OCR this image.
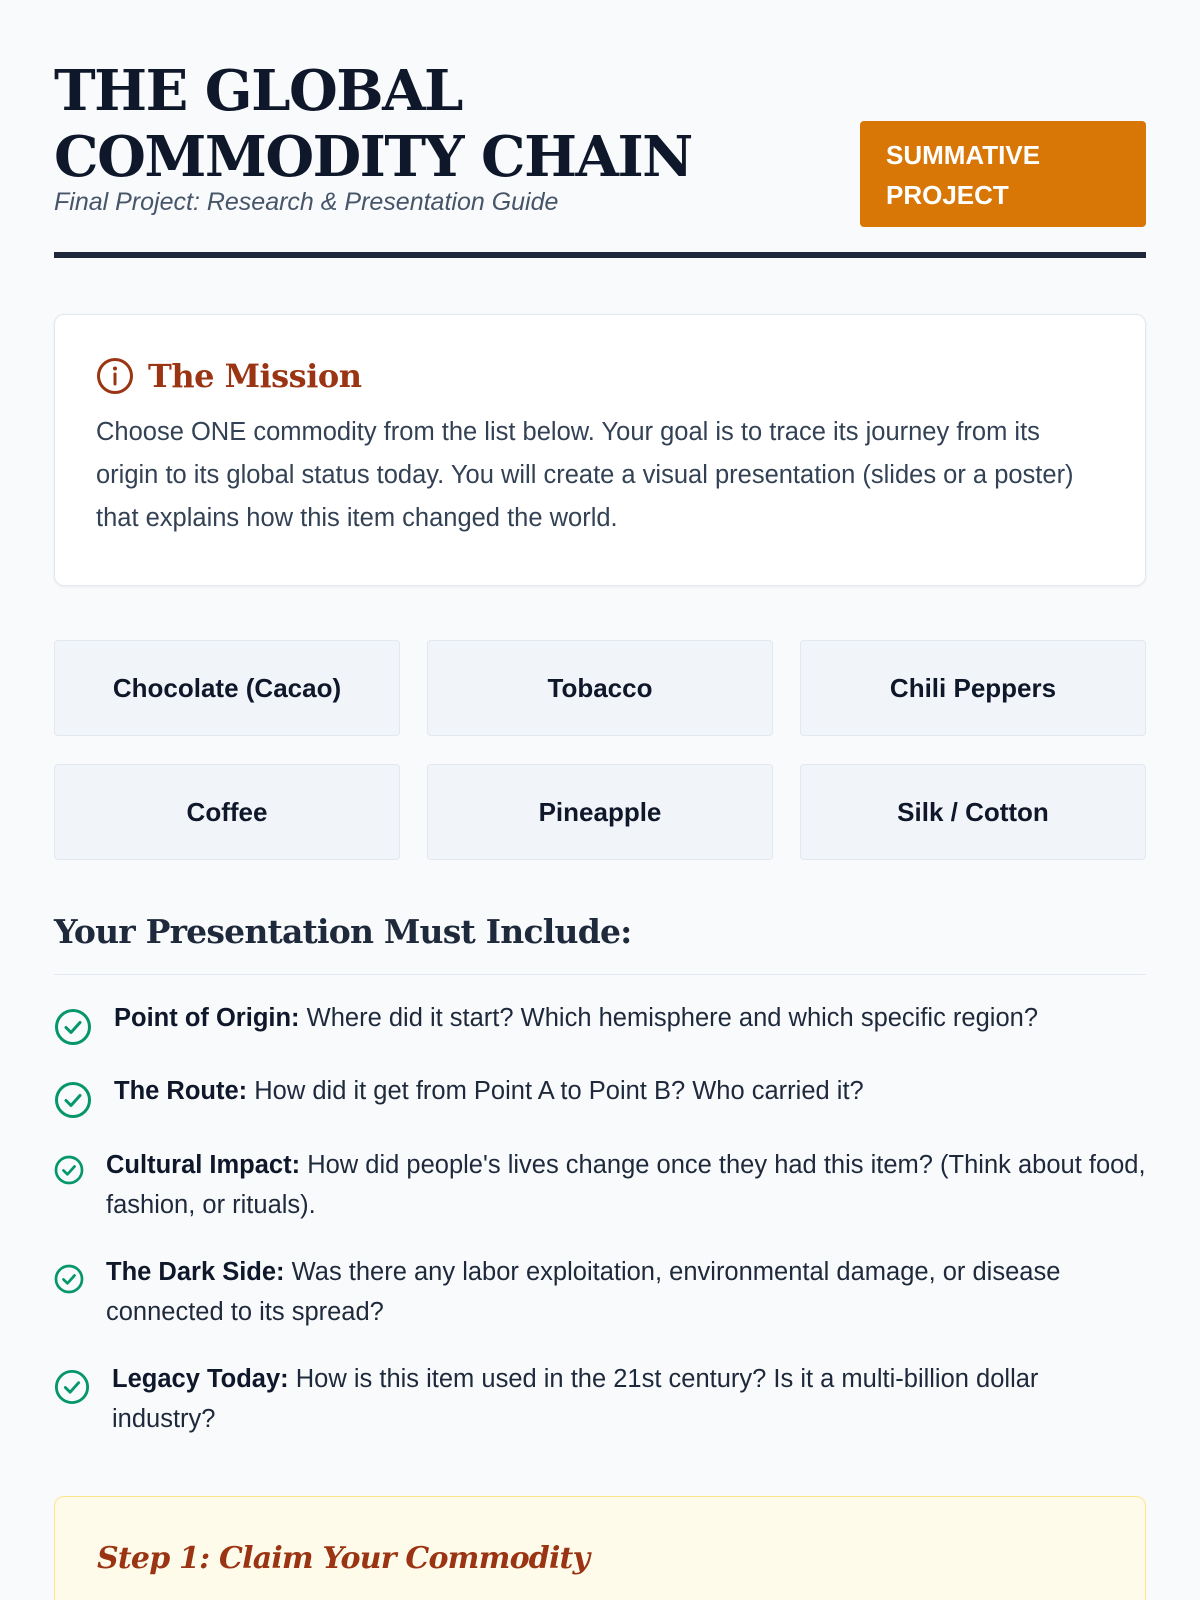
THE GLOBAL COMMODITY CHAIN

Final Project: Research & Presentation Guide

SUMMATIVE PROJECT
The Mission

Choose ONE commodity from the list below. Your goal is to trace its journey from its origin to its global status today. You will create a visual presentation (slides or a poster) that explains how this item changed the world.

Chocolate (Cacao)	Tobacco	Chili Peppers
Coffee	Pineapple	Silk / Cotton
Your Presentation Must Include:
Point of Origin: Where did it start? Which hemisphere and which specific region?
The Route: How did it get from Point A to Point B? Who carried it?
Cultural Impact: How did people's lives change once they had this item? (Think about food, fashion, or rituals).
The Dark Side: Was there any labor exploitation, environmental damage, or disease connected to its spread?
Legacy Today: How is this item used in the 21st century? Is it a multi-billion dollar industry?
Step 1: Claim Your Commodity
